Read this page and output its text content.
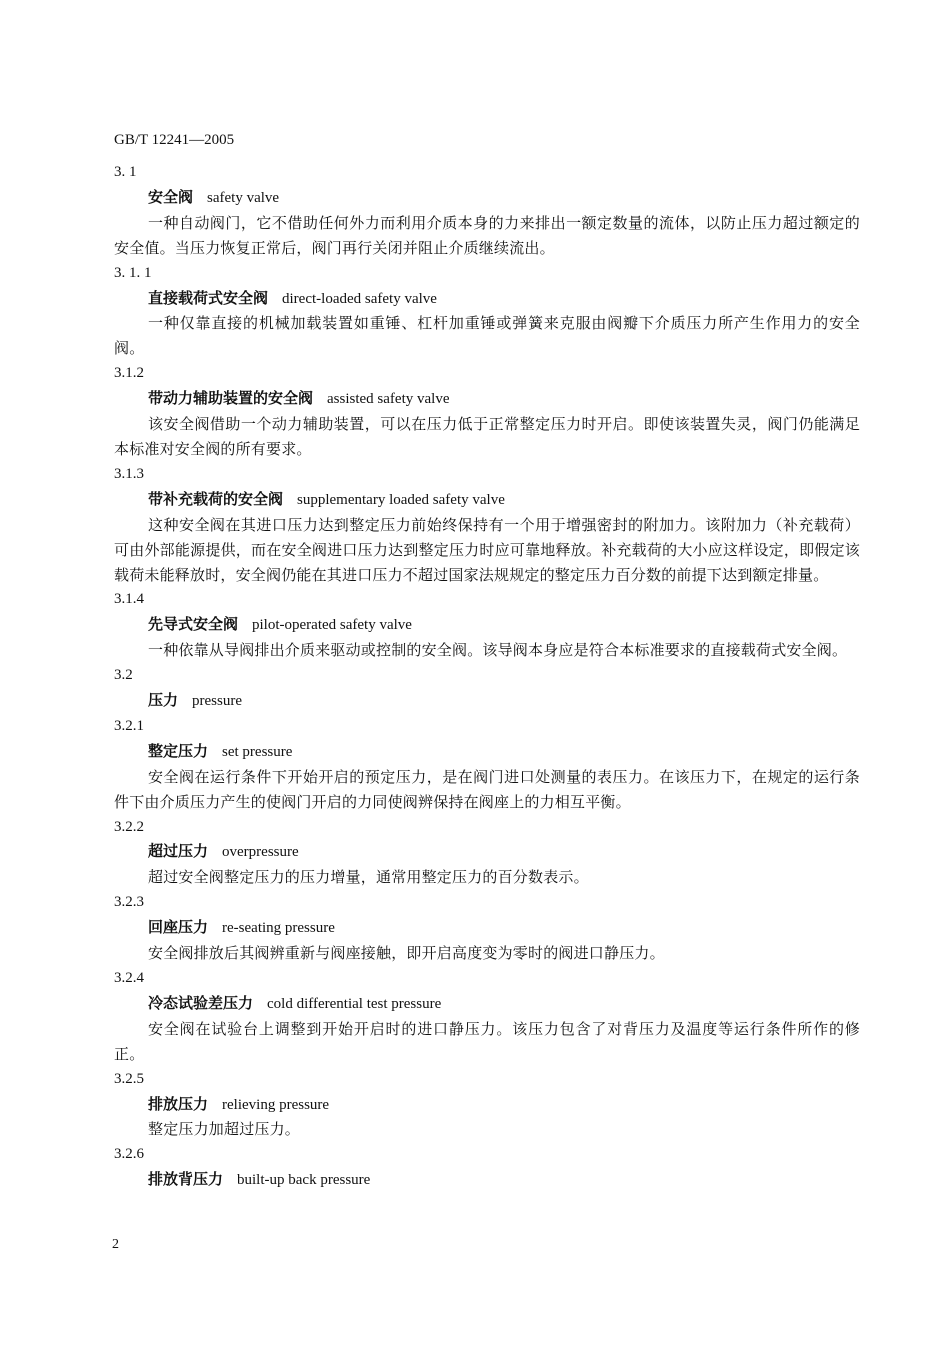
GB/T 12241—2005
3. 1
安全阀 safety valve
一种自动阀门，它不借助任何外力而利用介质本身的力来排出一额定数量的流体，以防止压力超过额定的安全值。当压力恢复正常后，阀门再行关闭并阻止介质继续流出。
3. 1. 1
直接载荷式安全阀 direct-loaded safety valve
一种仅靠直接的机械加载装置如重锤、杠杆加重锤或弹簧来克服由阀瓣下介质压力所产生作用力的安全阀。
3.1.2
带动力辅助装置的安全阀 assisted safety valve
该安全阀借助一个动力辅助装置，可以在压力低于正常整定压力时开启。即使该装置失灵，阀门仍能满足本标准对安全阀的所有要求。
3.1.3
带补充载荷的安全阀 supplementary loaded safety valve
这种安全阀在其进口压力达到整定压力前始终保持有一个用于增强密封的附加力。该附加力（补充载荷）可由外部能源提供，而在安全阀进口压力达到整定压力时应可靠地释放。补充载荷的大小应这样设定，即假定该载荷未能释放时，安全阀仍能在其进口压力不超过国家法规规定的整定压力百分数的前提下达到额定排量。
3.1.4
先导式安全阀 pilot-operated safety valve
一种依靠从导阀排出介质来驱动或控制的安全阀。该导阀本身应是符合本标准要求的直接载荷式安全阀。
3.2
压力 pressure
3.2.1
整定压力 set pressure
安全阀在运行条件下开始开启的预定压力，是在阀门进口处测量的表压力。在该压力下，在规定的运行条件下由介质压力产生的使阀门开启的力同使阀辨保持在阀座上的力相互平衡。
3.2.2
超过压力 overpressure
超过安全阀整定压力的压力增量，通常用整定压力的百分数表示。
3.2.3
回座压力 re-seating pressure
安全阀排放后其阀辨重新与阀座接触，即开启高度变为零时的阀进口静压力。
3.2.4
冷态试验差压力 cold differential test pressure
安全阀在试验台上调整到开始开启时的进口静压力。该压力包含了对背压力及温度等运行条件所作的修正。
3.2.5
排放压力 relieving pressure
整定压力加超过压力。
3.2.6
排放背压力 built-up back pressure
2
